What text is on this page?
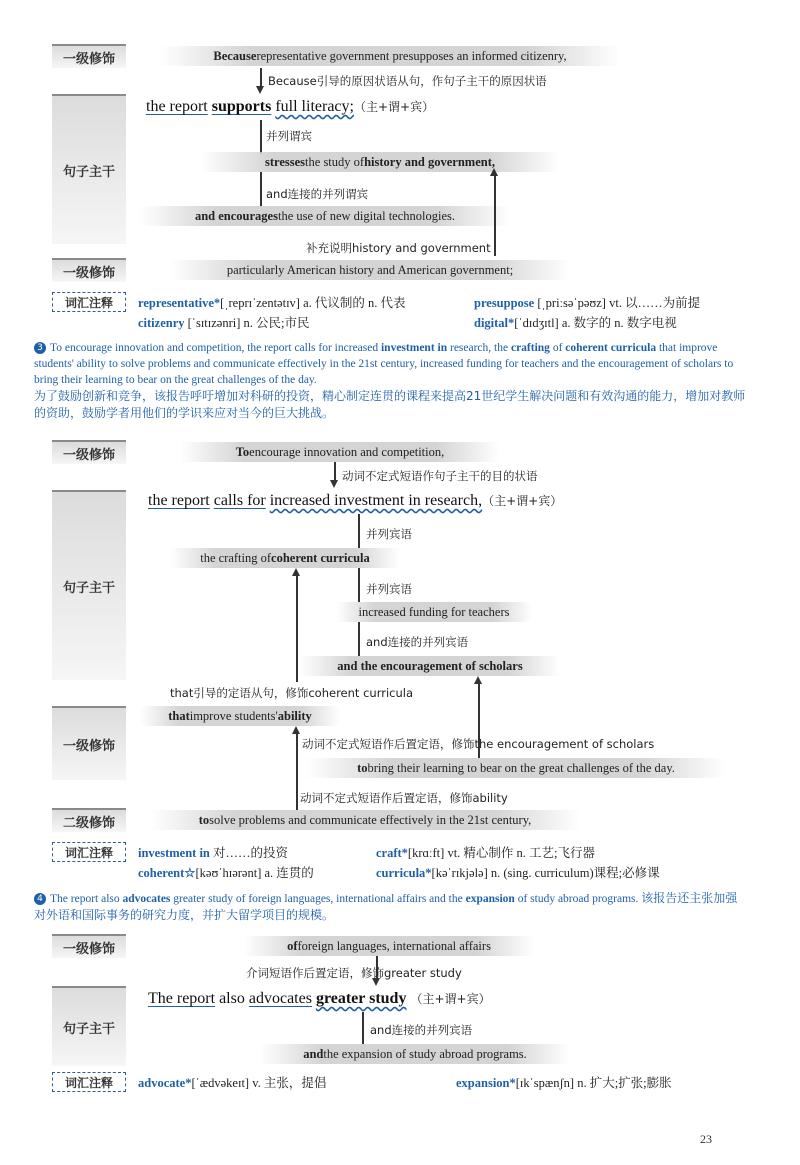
一级修饰	Because representative government presupposes an informed citizenry,
Because引导的原因状语从句，作句子主干的原因状语
句子主干
the report supports full literacy;（主+谓+宾）
并列谓宾
stresses the study of history and government,
and连接的并列谓宾
and encourages the use of new digital technologies.
补充说明history and government
一级修饰	particularly American history and American government;
词汇注释	representative*[ˌreprɪˈzentətɪv] a. 代议制的 n. 代表	presuppose [ˌpriːsəˈpəʊz] vt. 以……为前提
citizenry [ˈsɪtɪzənri] n. 公民;市民	digital*[ˈdɪdʒɪtl] a. 数字的 n. 数字电视
3 To encourage innovation and competition, the report calls for increased investment in research, the crafting of coherent curricula that improve students' ability to solve problems and communicate effectively in the 21st century, increased funding for teachers and the encouragement of scholars to bring their learning to bear on the great challenges of the day.
为了鼓励创新和竞争，该报告呼吁增加对科研的投资，精心制定连贯的课程来提高21世纪学生解决问题和有效沟通的能力，增加对教师的资助，鼓励学者用他们的学识来应对当今的巨大挑战。
一级修饰	To encourage innovation and competition,
动词不定式短语作句子主干的目的状语
句子主干
the report calls for increased investment in research,（主+谓+宾）
并列宾语
the crafting of coherent curricula
并列宾语
increased funding for teachers
and连接的并列宾语
and the encouragement of scholars
that引导的定语从句，修饰coherent curricula
一级修饰
that improve students' ability
动词不定式短语作后置定语，修饰the encouragement of scholars
to bring their learning to bear on the great challenges of the day.
动词不定式短语作后置定语，修饰ability
二级修饰	to solve problems and communicate effectively in the 21st century,
词汇注释	investment in 对……的投资	craft*[krɑːft] vt. 精心制作 n. 工艺;飞行器
coherent☆[kəʊˈhɪərənt] a. 连贯的	curricula*[kəˈrɪkjələ] n. (sing. curriculum)课程;必修课
4 The report also advocates greater study of foreign languages, international affairs and the expansion of study abroad programs. 该报告还主张加强对外语和国际事务的研究力度，并扩大留学项目的规模。
一级修饰	of foreign languages, international affairs
介词短语作后置定语，修饰greater study
句子主干
The report also advocates greater study （主+谓+宾）
and连接的并列宾语
and the expansion of study abroad programs.
词汇注释	advocate*[ˈædvəkeɪt] v. 主张，提倡	expansion*[ɪkˈspænʃn] n. 扩大;扩张;膨胀
23
